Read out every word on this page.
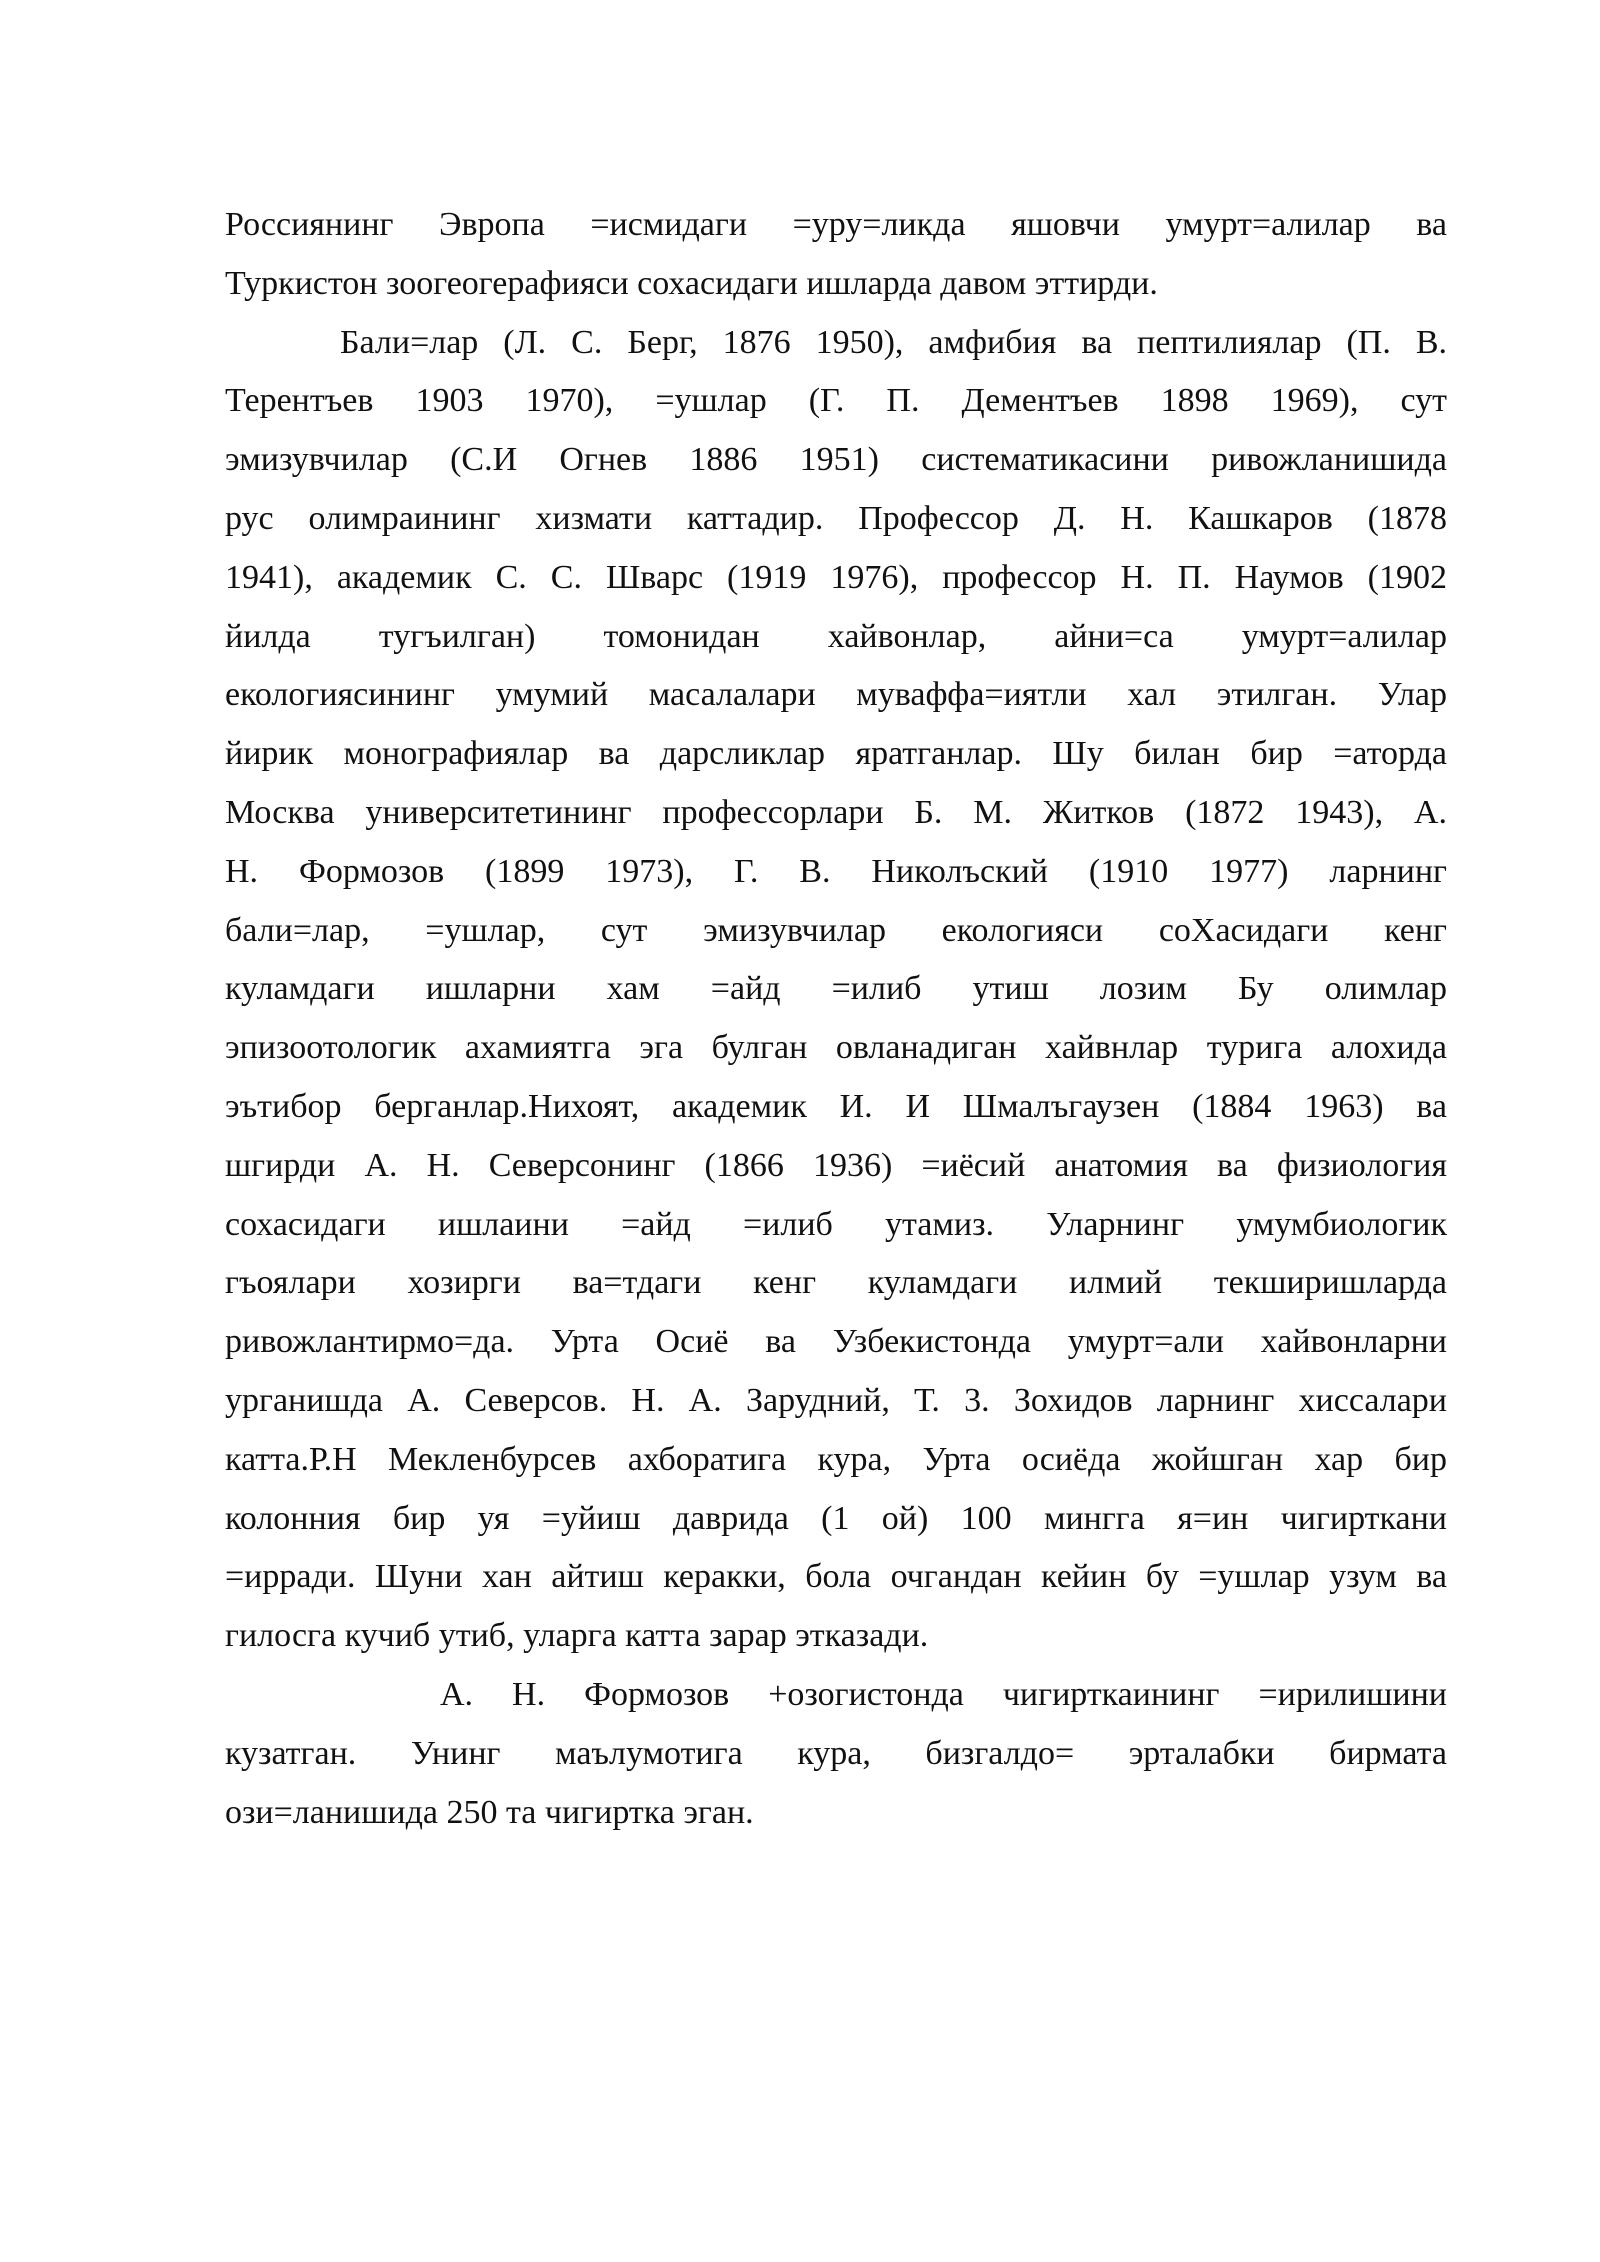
Россиянинг Эвропа =исмидаги =уру=ликда яшовчи умурт=алилар ва
Туркистон зоогеогерафияси сохасидаги ишларда давом эттирди.
Бали=лар (Л. С. Берг, 1876 1950), амфибия ва пептилиялар (П. В.
Терентъев 1903 1970), =ушлар (Г. П. Дементъев 1898 1969), сут
эмизувчилар (С.И Огнев 1886 1951) систематикасини ривожланишида
рус олимраининг хизмати каттадир. Профессор Д. Н. Кашкаров (1878
1941), академик С. С. Шварс (1919 1976), профессор Н. П. Наумов (1902
йилда тугъилган) томонидан хайвонлар, айни=са умурт=алилар
екологиясининг умумий масалалари муваффа=иятли хал этилган. Улар
йирик монографиялар ва дарсликлар яратганлар. Шу билан бир =аторда
Москва университетининг профессорлари Б. М. Житков (1872 1943), А.
Н. Формозов (1899 1973), Г. В. Николъский (1910 1977) ларнинг
бали=лар, =ушлар, сут эмизувчилар екологияси соХасидаги кенг
куламдаги ишларни хам =айд =илиб утиш лозим Бу олимлар
эпизоотологик ахамиятга эга булган овланадиган хайвнлар турига алохида
эътибор берганлар.Нихоят, академик И. И Шмалъгаузен (1884 1963) ва
шгирди А. Н. Северсонинг (1866 1936) =иёсий анатомия ва физиология
сохасидаги ишлаини =айд =илиб утамиз. Уларнинг умумбиологик
гъоялари хозирги ва=тдаги кенг куламдаги илмий текширишларда
ривожлантирмо=да. Урта Осиё ва Узбекистонда умурт=али хайвонларни
урганишда А. Северсов. Н. А. Зарудний, Т. 3. Зохидов ларнинг хиссалари
катта.Р.Н Мекленбурсев ахборатига кура, Урта осиёда жойшган хар бир
колонния бир уя =уйиш даврида (1 ой) 100 мингга я=ин чигирткани
=ирради. Шуни хан айтиш керакки, бола очгандан кейин бу =ушлар узум ва
гилосга кучиб утиб, уларга катта зарар этказади.
А. Н. Формозов +озогистонда чигирткаининг =ирилишини
кузатган. Унинг маълумотига кура, бизгалдо= эрталабки бирмата
ози=ланишида 250 та чигиртка эган.
